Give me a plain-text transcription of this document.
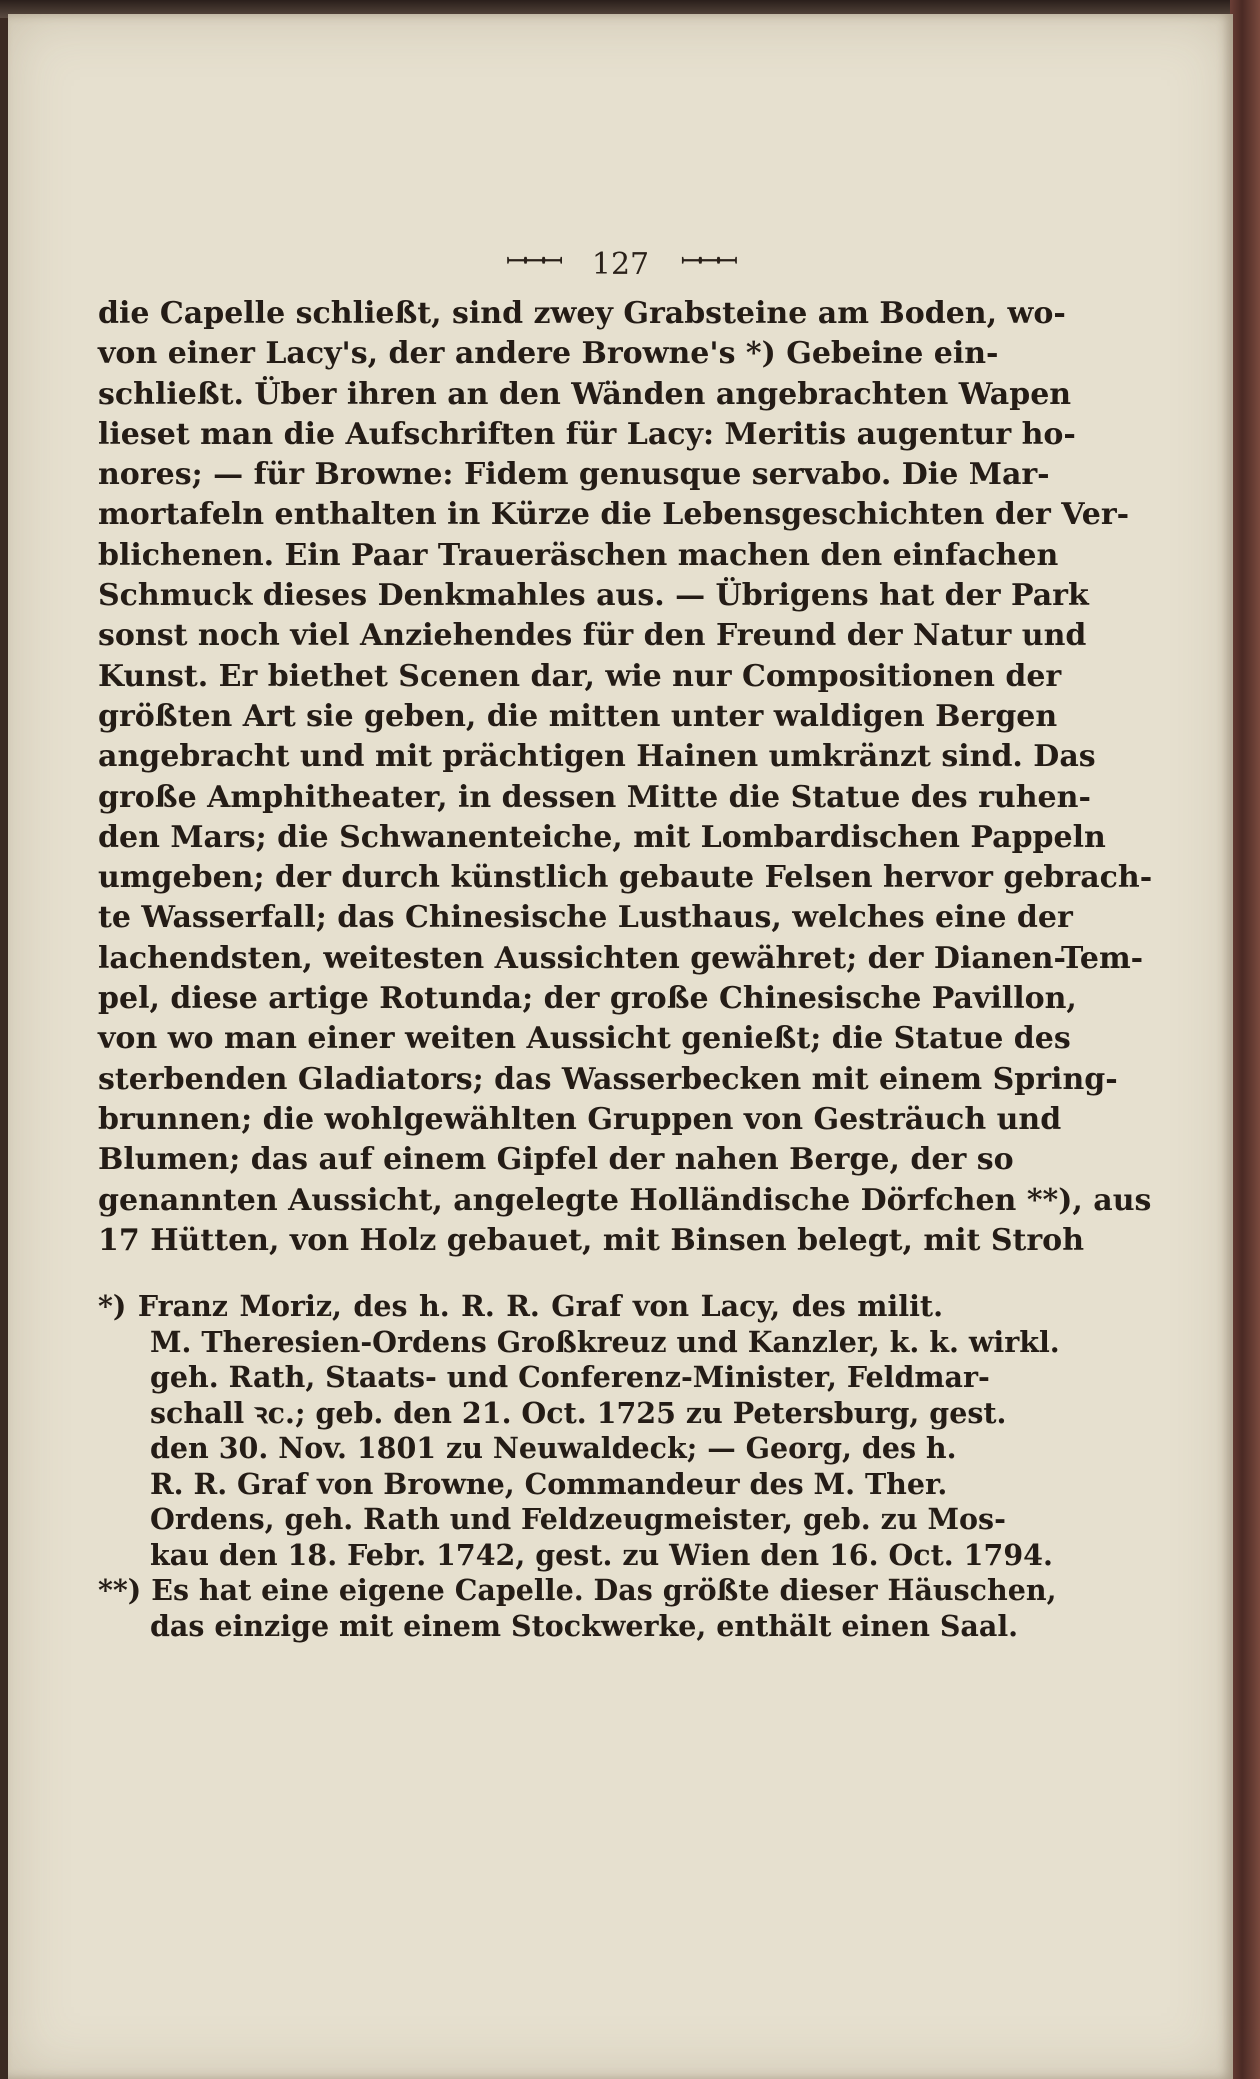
ꟷꟷꟷ 127 ꟷꟷꟷ
die Capelle schließt, sind zwey Grabsteine am Boden, wo-
von einer Lacy's, der andere Browne's *) Gebeine ein-
schließt. Über ihren an den Wänden angebrachten Wapen
lieset man die Aufschriften für Lacy: Meritis augentur ho-
nores; — für Browne: Fidem genusque servabo. Die Mar-
mortafeln enthalten in Kürze die Lebensgeschichten der Ver-
blichenen. Ein Paar Traueräschen machen den einfachen
Schmuck dieses Denkmahles aus. — Übrigens hat der Park
sonst noch viel Anziehendes für den Freund der Natur und
Kunst. Er biethet Scenen dar, wie nur Compositionen der
größten Art sie geben, die mitten unter waldigen Bergen
angebracht und mit prächtigen Hainen umkränzt sind. Das
große Amphitheater, in dessen Mitte die Statue des ruhen-
den Mars; die Schwanenteiche, mit Lombardischen Pappeln
umgeben; der durch künstlich gebaute Felsen hervor gebrach-
te Wasserfall; das Chinesische Lusthaus, welches eine der
lachendsten, weitesten Aussichten gewähret; der Dianen-Tem-
pel, diese artige Rotunda; der große Chinesische Pavillon,
von wo man einer weiten Aussicht genießt; die Statue des
sterbenden Gladiators; das Wasserbecken mit einem Spring-
brunnen; die wohlgewählten Gruppen von Gesträuch und
Blumen; das auf einem Gipfel der nahen Berge, der so
genannten Aussicht, angelegte Holländische Dörfchen **), aus
17 Hütten, von Holz gebauet, mit Binsen belegt, mit Stroh
*) Franz Moriz, des h. R. R. Graf von Lacy, des milit.
M. Theresien-Ordens Großkreuz und Kanzler, k. k. wirkl.
geh. Rath, Staats- und Conferenz-Minister, Feldmar-
schall ꝛc.; geb. den 21. Oct. 1725 zu Petersburg, gest.
den 30. Nov. 1801 zu Neuwaldeck; — Georg, des h.
R. R. Graf von Browne, Commandeur des M. Ther.
Ordens, geh. Rath und Feldzeugmeister, geb. zu Mos-
kau den 18. Febr. 1742, gest. zu Wien den 16. Oct. 1794.
**) Es hat eine eigene Capelle. Das größte dieser Häuschen,
das einzige mit einem Stockwerke, enthält einen Saal.
